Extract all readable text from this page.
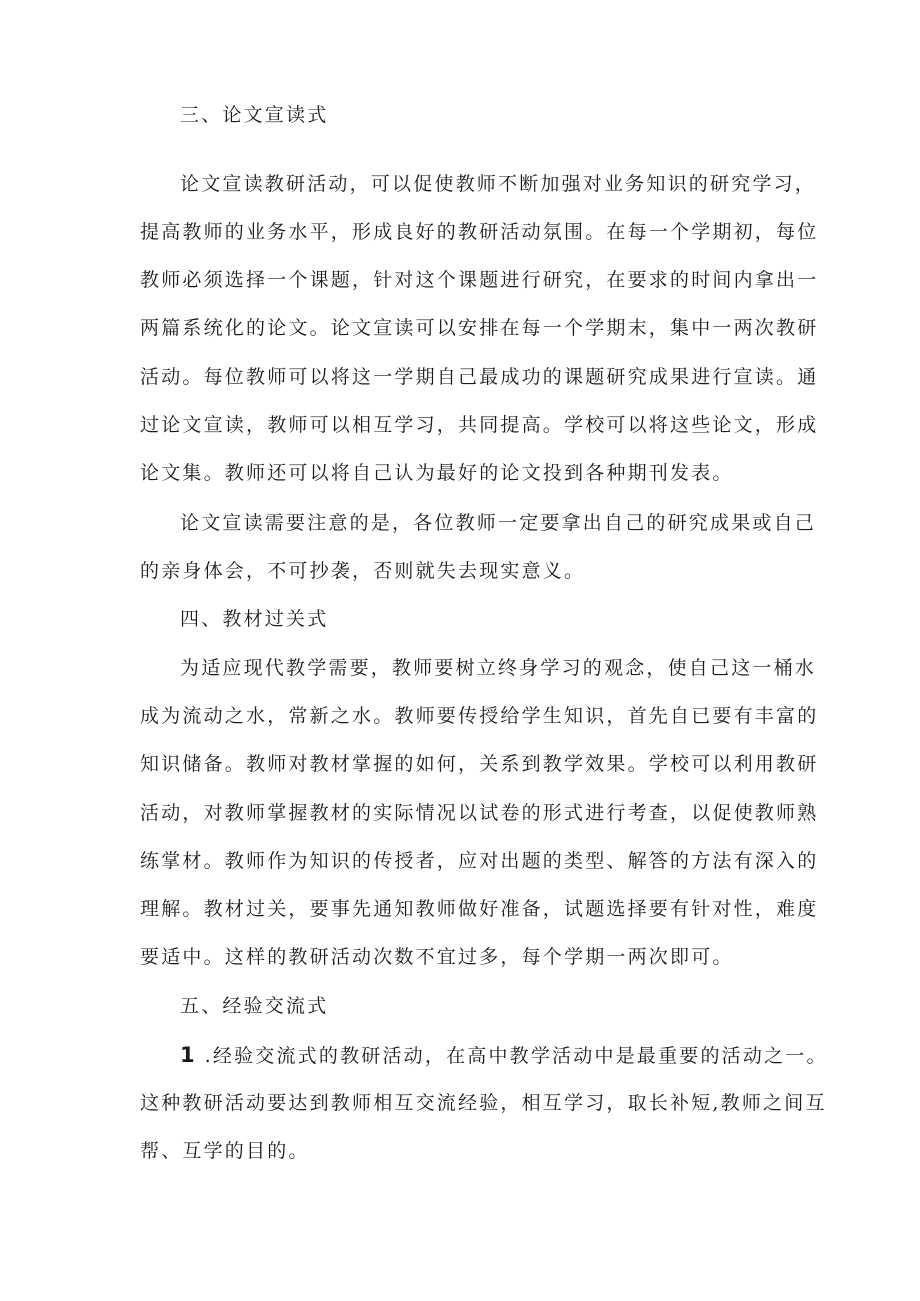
三、论文宣读式
论文宣读教研活动，可以促使教师不断加强对业务知识的研究学习，
提高教师的业务水平，形成良好的教研活动氛围。在每一个学期初，每位
教师必须选择一个课题，针对这个课题进行研究，在要求的时间内拿出一
两篇系统化的论文。论文宣读可以安排在每一个学期末，集中一两次教研
活动。每位教师可以将这一学期自己最成功的课题研究成果进行宣读。通
过论文宣读，教师可以相互学习，共同提高。学校可以将这些论文，形成
论文集。教师还可以将自己认为最好的论文投到各种期刊发表。
论文宣读需要注意的是，各位教师一定要拿出自己的研究成果或自己
的亲身体会，不可抄袭，否则就失去现实意义。
四、教材过关式
为适应现代教学需要，教师要树立终身学习的观念，使自己这一桶水
成为流动之水，常新之水。教师要传授给学生知识，首先自已要有丰富的
知识储备。教师对教材掌握的如何，关系到教学效果。学校可以利用教研
活动，对教师掌握教材的实际情况以试卷的形式进行考查，以促使教师熟
练掌材。教师作为知识的传授者，应对出题的类型、解答的方法有深入的
理解。教材过关，要事先通知教师做好准备，试题选择要有针对性，难度
要适中。这样的教研活动次数不宜过多，每个学期一两次即可。
五、经验交流式
1 .经验交流式的教研活动，在高中教学活动中是最重要的活动之一。
这种教研活动要达到教师相互交流经验，相互学习，取长补短,教师之间互
帮、互学的目的。
